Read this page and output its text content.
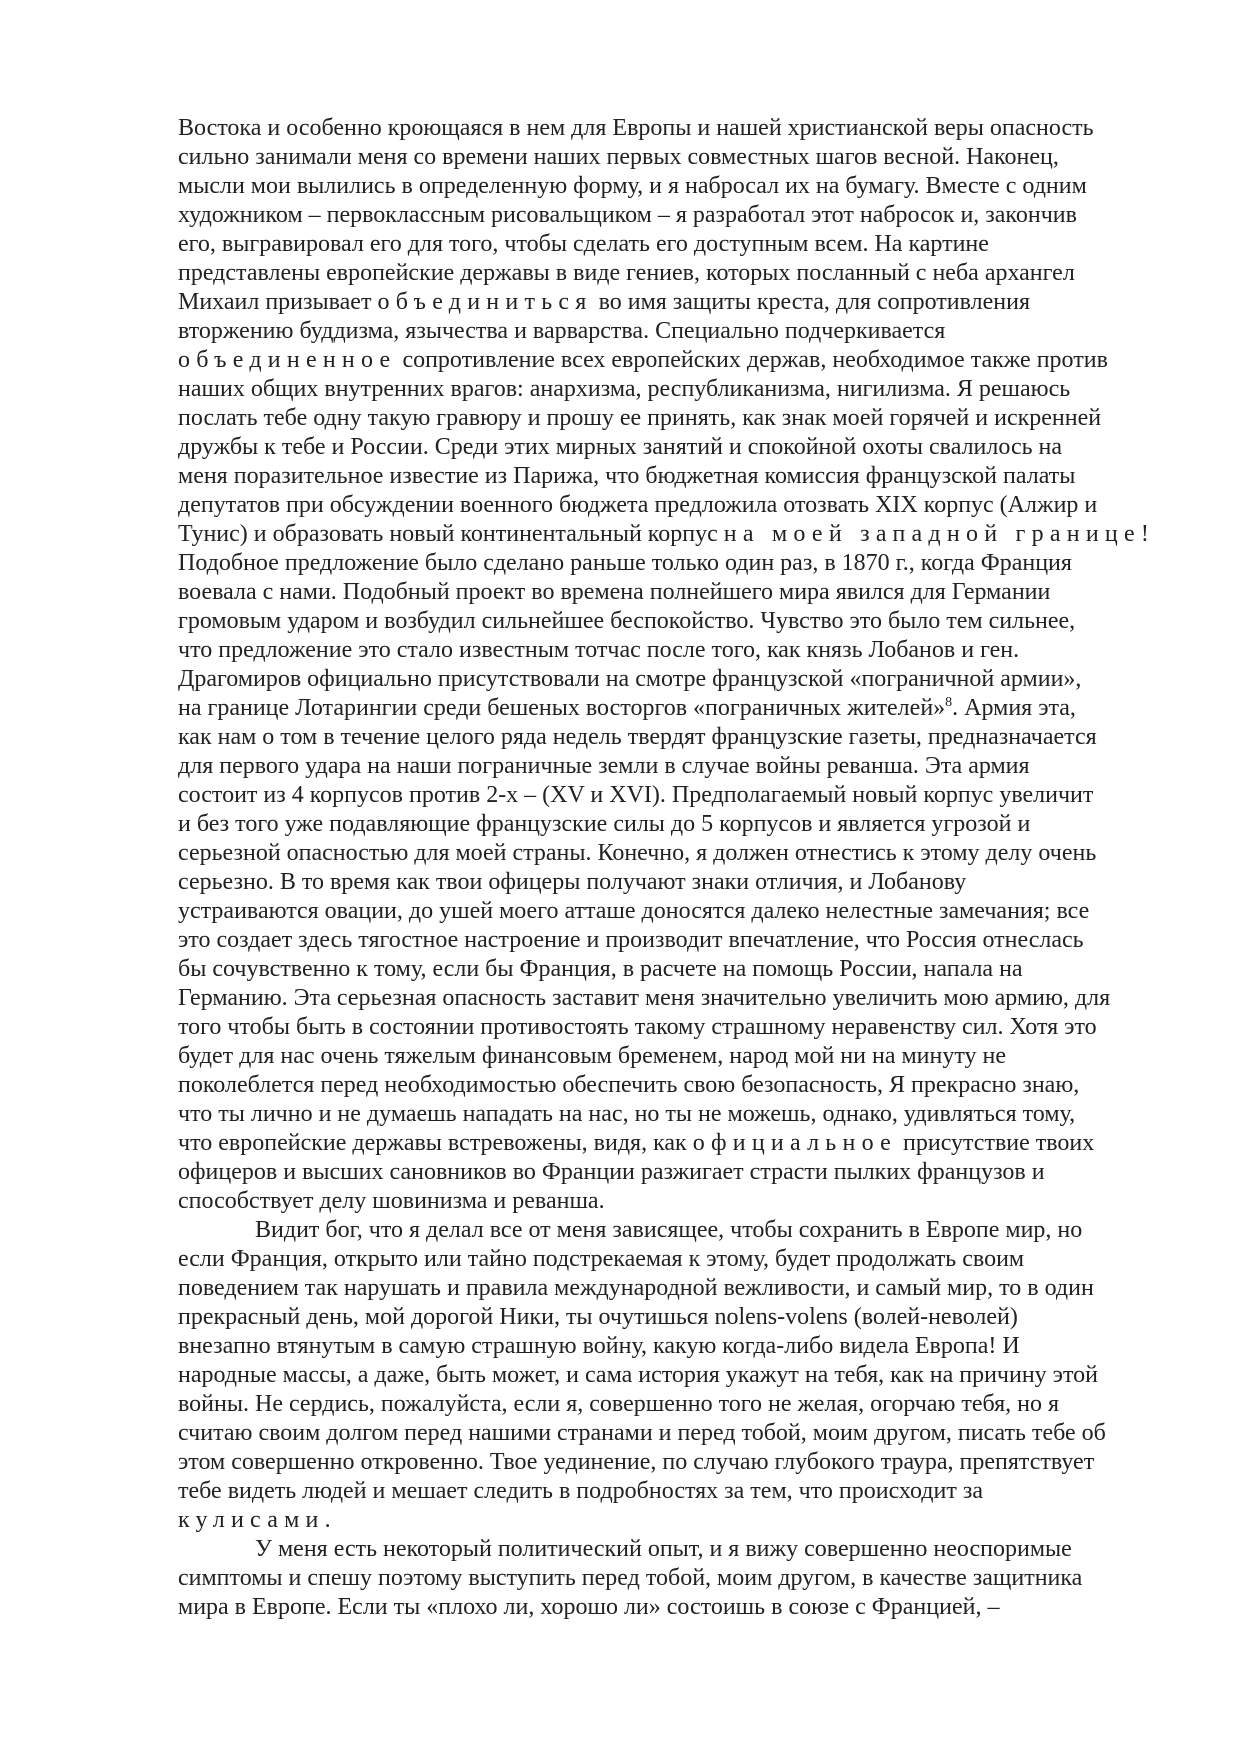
Востока и особенно кроющаяся в нем для Европы и нашей христианской веры опасность
сильно занимали меня со времени наших первых совместных шагов весной. Наконец,
мысли мои вылились в определенную форму, и я набросал их на бумагу. Вместе с одним
художником – первоклассным рисовальщиком – я разработал этот набросок и, закончив
его, выгравировал его для того, чтобы сделать его доступным всем. На картине
представлены европейские державы в виде гениев, которых посланный с неба архангел
Михаил призывает объединиться во имя защиты креста, для сопротивления
вторжению буддизма, язычества и варварства. Специально подчеркивается
объединенное сопротивление всех европейских держав, необходимое также против
наших общих внутренних врагов: анархизма, республиканизма, нигилизма. Я решаюсь
послать тебе одну такую гравюру и прошу ее принять, как знак моей горячей и искренней
дружбы к тебе и России. Среди этих мирных занятий и спокойной охоты свалилось на
меня поразительное известие из Парижа, что бюджетная комиссия французской палаты
депутатов при обсуждении военного бюджета предложила отозвать XIX корпус (Алжир и
Тунис) и образовать новый континентальный корпус на моей западной границе!
Подобное предложение было сделано раньше только один раз, в 1870 г., когда Франция
воевала с нами. Подобный проект во времена полнейшего мира явился для Германии
громовым ударом и возбудил сильнейшее беспокойство. Чувство это было тем сильнее,
что предложение это стало известным тотчас после того, как князь Лобанов и ген.
Драгомиров официально присутствовали на смотре французской «пограничной армии»,
на границе Лотарингии среди бешеных восторгов «пограничных жителей»$^8$. Армия эта,
как нам о том в течение целого ряда недель твердят французские газеты, предназначается
для первого удара на наши пограничные земли в случае войны реванша. Эта армия
состоит из 4 корпусов против 2-х – (XV и XVI). Предполагаемый новый корпус увеличит
и без того уже подавляющие французские силы до 5 корпусов и является угрозой и
серьезной опасностью для моей страны. Конечно, я должен отнестись к этому делу очень
серьезно. В то время как твои офицеры получают знаки отличия, и Лобанову
устраиваются овации, до ушей моего атташе доносятся далеко нелестные замечания; все
это создает здесь тягостное настроение и производит впечатление, что Россия отнеслась
бы сочувственно к тому, если бы Франция, в расчете на помощь России, напала на
Германию. Эта серьезная опасность заставит меня значительно увеличить мою армию, для
того чтобы быть в состоянии противостоять такому страшному неравенству сил. Хотя это
будет для нас очень тяжелым финансовым бременем, народ мой ни на минуту не
поколеблется перед необходимостью обеспечить свою безопасность, Я прекрасно знаю,
что ты лично и не думаешь нападать на нас, но ты не можешь, однако, удивляться тому,
что европейские державы встревожены, видя, как официальное присутствие твоих
офицеров и высших сановников во Франции разжигает страсти пылких французов и
способствует делу шовинизма и реванша.
Видит бог, что я делал все от меня зависящее, чтобы сохранить в Европе мир, но
если Франция, открыто или тайно подстрекаемая к этому, будет продолжать своим
поведением так нарушать и правила международной вежливости, и самый мир, то в один
прекрасный день, мой дорогой Ники, ты очутишься nolens-volens (волей-неволей)
внезапно втянутым в самую страшную войну, какую когда-либо видела Европа! И
народные массы, а даже, быть может, и сама история укажут на тебя, как на причину этой
войны. Не сердись, пожалуйста, если я, совершенно того не желая, огорчаю тебя, но я
считаю своим долгом перед нашими странами и перед тобой, моим другом, писать тебе об
этом совершенно откровенно. Твое уединение, по случаю глубокого траура, препятствует
тебе видеть людей и мешает следить в подробностях за тем, что происходит за
кулисами.
У меня есть некоторый политический опыт, и я вижу совершенно неоспоримые
симптомы и спешу поэтому выступить перед тобой, моим другом, в качестве защитника
мира в Европе. Если ты «плохо ли, хорошо ли» состоишь в союзе с Францией, –
